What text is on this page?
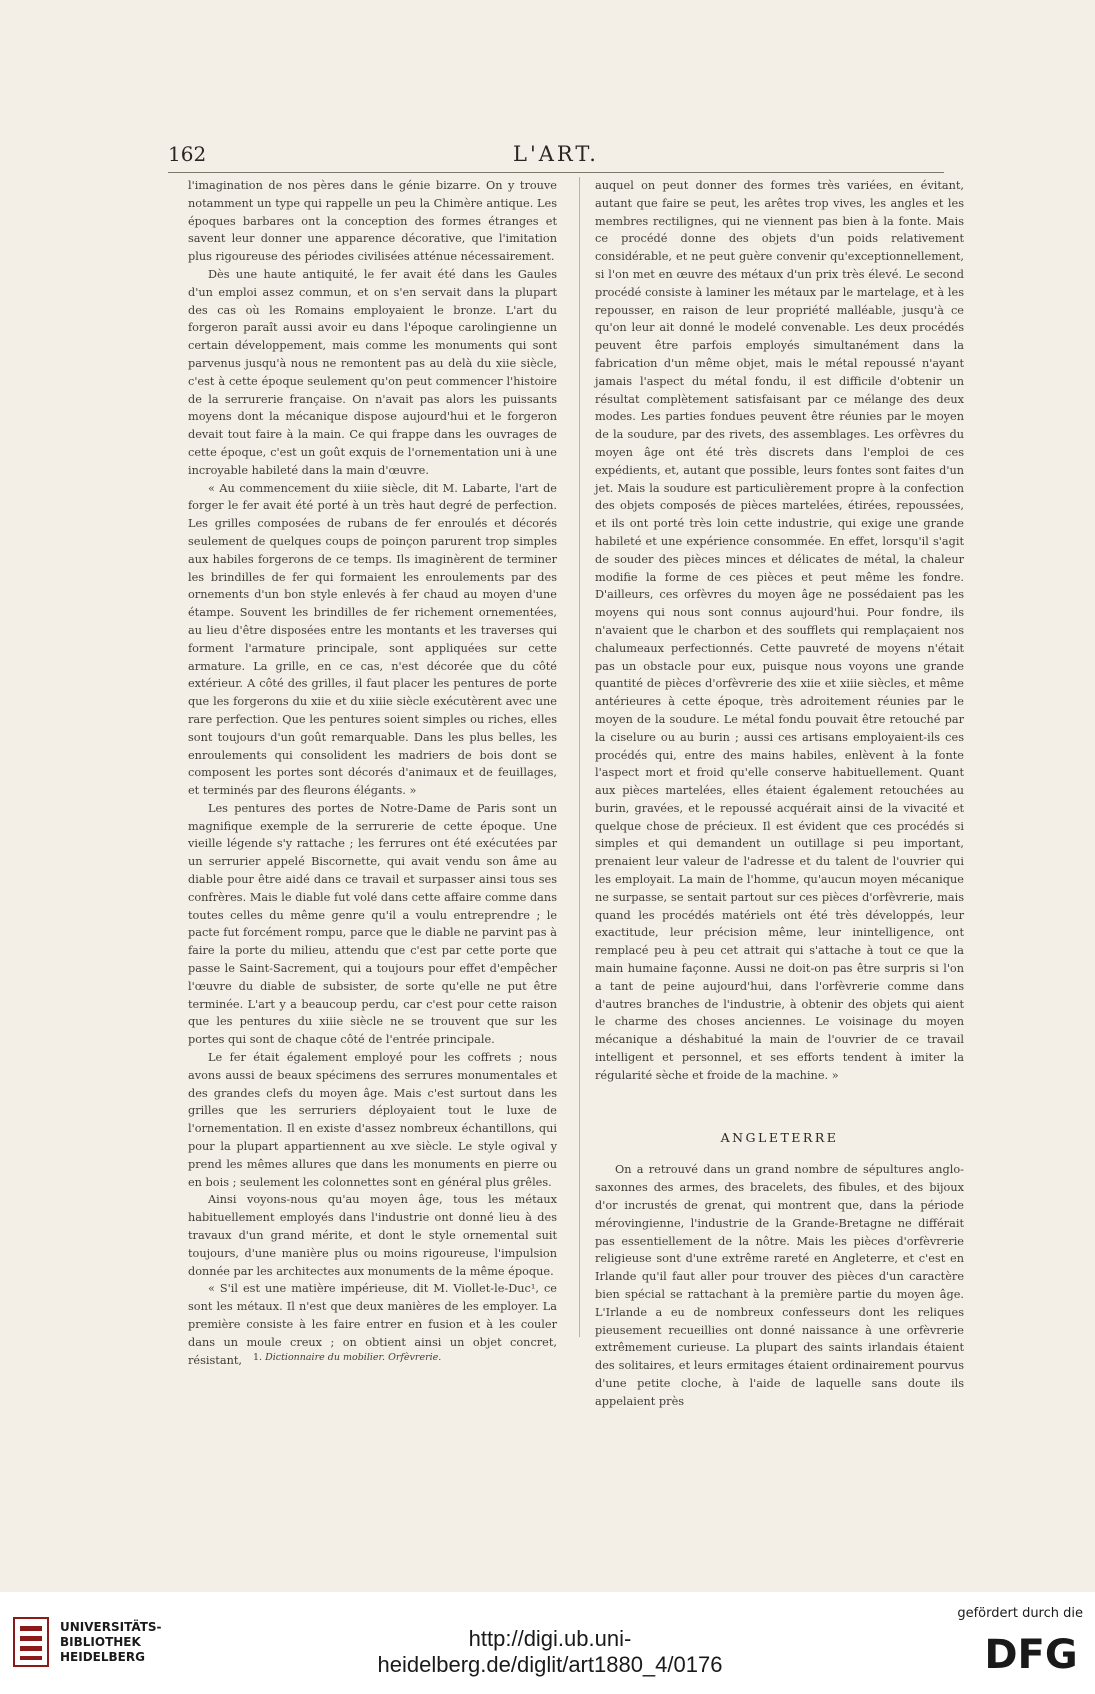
162	L'ART.

l'imagination de nos pères dans le génie bizarre. On y trouve notamment un type qui rappelle un peu la Chimère antique. Les époques barbares ont la conception des formes étranges et savent leur donner une apparence décorative, que l'imitation plus rigoureuse des périodes civilisées atténue nécessairement.

Dès une haute antiquité, le fer avait été dans les Gaules d'un emploi assez commun, et on s'en servait dans la plupart des cas où les Romains employaient le bronze. L'art du forgeron paraît aussi avoir eu dans l'époque carolingienne un certain développement, mais comme les monuments qui sont parvenus jusqu'à nous ne remontent pas au delà du xiie siècle, c'est à cette époque seulement qu'on peut commencer l'histoire de la serrurerie française. On n'avait pas alors les puissants moyens dont la mécanique dispose aujourd'hui et le forgeron devait tout faire à la main. Ce qui frappe dans les ouvrages de cette époque, c'est un goût exquis de l'ornementation uni à une incroyable habileté dans la main d'œuvre.

« Au commencement du xiiie siècle, dit M. Labarte, l'art de forger le fer avait été porté à un très haut degré de perfection. Les grilles composées de rubans de fer enroulés et décorés seulement de quelques coups de poinçon parurent trop simples aux habiles forgerons de ce temps. Ils imaginèrent de terminer les brindilles de fer qui formaient les enroulements par des ornements d'un bon style enlevés à fer chaud au moyen d'une étampe. Souvent les brindilles de fer richement ornementées, au lieu d'être disposées entre les montants et les traverses qui forment l'armature principale, sont appliquées sur cette armature. La grille, en ce cas, n'est décorée que du côté extérieur. A côté des grilles, il faut placer les pentures de porte que les forgerons du xiie et du xiiie siècle exécutèrent avec une rare perfection. Que les pentures soient simples ou riches, elles sont toujours d'un goût remarquable. Dans les plus belles, les enroulements qui consolident les madriers de bois dont se composent les portes sont décorés d'animaux et de feuillages, et terminés par des fleurons élégants. »

Les pentures des portes de Notre-Dame de Paris sont un magnifique exemple de la serrurerie de cette époque. Une vieille légende s'y rattache ; les ferrures ont été exécutées par un serrurier appelé Biscornette, qui avait vendu son âme au diable pour être aidé dans ce travail et surpasser ainsi tous ses confrères. Mais le diable fut volé dans cette affaire comme dans toutes celles du même genre qu'il a voulu entreprendre ; le pacte fut forcément rompu, parce que le diable ne parvint pas à faire la porte du milieu, attendu que c'est par cette porte que passe le Saint-Sacrement, qui a toujours pour effet d'empêcher l'œuvre du diable de subsister, de sorte qu'elle ne put être terminée. L'art y a beaucoup perdu, car c'est pour cette raison que les pentures du xiiie siècle ne se trouvent que sur les portes qui sont de chaque côté de l'entrée principale.

Le fer était également employé pour les coffrets ; nous avons aussi de beaux spécimens des serrures monumentales et des grandes clefs du moyen âge. Mais c'est surtout dans les grilles que les serruriers déployaient tout le luxe de l'ornementation. Il en existe d'assez nombreux échantillons, qui pour la plupart appartiennent au xve siècle. Le style ogival y prend les mêmes allures que dans les monuments en pierre ou en bois ; seulement les colonnettes sont en général plus grêles.

Ainsi voyons-nous qu'au moyen âge, tous les métaux habituellement employés dans l'industrie ont donné lieu à des travaux d'un grand mérite, et dont le style ornemental suit toujours, d'une manière plus ou moins rigoureuse, l'impulsion donnée par les architectes aux monuments de la même époque.

« S'il est une matière impérieuse, dit M. Viollet-le-Duc¹, ce sont les métaux. Il n'est que deux manières de les employer. La première consiste à les faire entrer en fusion et à les couler dans un moule creux ; on obtient ainsi un objet concret, résistant,

auquel on peut donner des formes très variées, en évitant, autant que faire se peut, les arêtes trop vives, les angles et les membres rectilignes, qui ne viennent pas bien à la fonte. Mais ce procédé donne des objets d'un poids relativement considérable, et ne peut guère convenir qu'exceptionnellement, si l'on met en œuvre des métaux d'un prix très élevé. Le second procédé consiste à laminer les métaux par le martelage, et à les repousser, en raison de leur propriété malléable, jusqu'à ce qu'on leur ait donné le modelé convenable. Les deux procédés peuvent être parfois employés simultanément dans la fabrication d'un même objet, mais le métal repoussé n'ayant jamais l'aspect du métal fondu, il est difficile d'obtenir un résultat complètement satisfaisant par ce mélange des deux modes. Les parties fondues peuvent être réunies par le moyen de la soudure, par des rivets, des assemblages. Les orfèvres du moyen âge ont été très discrets dans l'emploi de ces expédients, et, autant que possible, leurs fontes sont faites d'un jet. Mais la soudure est particulièrement propre à la confection des objets composés de pièces martelées, étirées, repoussées, et ils ont porté très loin cette industrie, qui exige une grande habileté et une expérience consommée. En effet, lorsqu'il s'agit de souder des pièces minces et délicates de métal, la chaleur modifie la forme de ces pièces et peut même les fondre. D'ailleurs, ces orfèvres du moyen âge ne possédaient pas les moyens qui nous sont connus aujourd'hui. Pour fondre, ils n'avaient que le charbon et des soufflets qui remplaçaient nos chalumeaux perfectionnés. Cette pauvreté de moyens n'était pas un obstacle pour eux, puisque nous voyons une grande quantité de pièces d'orfèvrerie des xiie et xiiie siècles, et même antérieures à cette époque, très adroitement réunies par le moyen de la soudure. Le métal fondu pouvait être retouché par la ciselure ou au burin ; aussi ces artisans employaient-ils ces procédés qui, entre des mains habiles, enlèvent à la fonte l'aspect mort et froid qu'elle conserve habituellement. Quant aux pièces martelées, elles étaient également retouchées au burin, gravées, et le repoussé acquérait ainsi de la vivacité et quelque chose de précieux. Il est évident que ces procédés si simples et qui demandent un outillage si peu important, prenaient leur valeur de l'adresse et du talent de l'ouvrier qui les employait. La main de l'homme, qu'aucun moyen mécanique ne surpasse, se sentait partout sur ces pièces d'orfèvrerie, mais quand les procédés matériels ont été très développés, leur exactitude, leur précision même, leur inintelligence, ont remplacé peu à peu cet attrait qui s'attache à tout ce que la main humaine façonne. Aussi ne doit-on pas être surpris si l'on a tant de peine aujourd'hui, dans l'orfèvrerie comme dans d'autres branches de l'industrie, à obtenir des objets qui aient le charme des choses anciennes. Le voisinage du moyen mécanique a déshabitué la main de l'ouvrier de ce travail intelligent et personnel, et ses efforts tendent à imiter la régularité sèche et froide de la machine. »

ANGLETERRE

On a retrouvé dans un grand nombre de sépultures anglo-saxonnes des armes, des bracelets, des fibules, et des bijoux d'or incrustés de grenat, qui montrent que, dans la période mérovingienne, l'industrie de la Grande-Bretagne ne différait pas essentiellement de la nôtre. Mais les pièces d'orfèvrerie religieuse sont d'une extrême rareté en Angleterre, et c'est en Irlande qu'il faut aller pour trouver des pièces d'un caractère bien spécial se rattachant à la première partie du moyen âge. L'Irlande a eu de nombreux confesseurs dont les reliques pieusement recueillies ont donné naissance à une orfèvrerie extrêmement curieuse. La plupart des saints irlandais étaient des solitaires, et leurs ermitages étaient ordinairement pourvus d'une petite cloche, à l'aide de laquelle sans doute ils appelaient près

1. Dictionnaire du mobilier. Orfèvrerie.
UNIVERSITÄTS-
BIBLIOTHEK
HEIDELBERG
http://digi.ub.uni-heidelberg.de/diglit/art1880_4/0176
gefördert durch die
DFG
